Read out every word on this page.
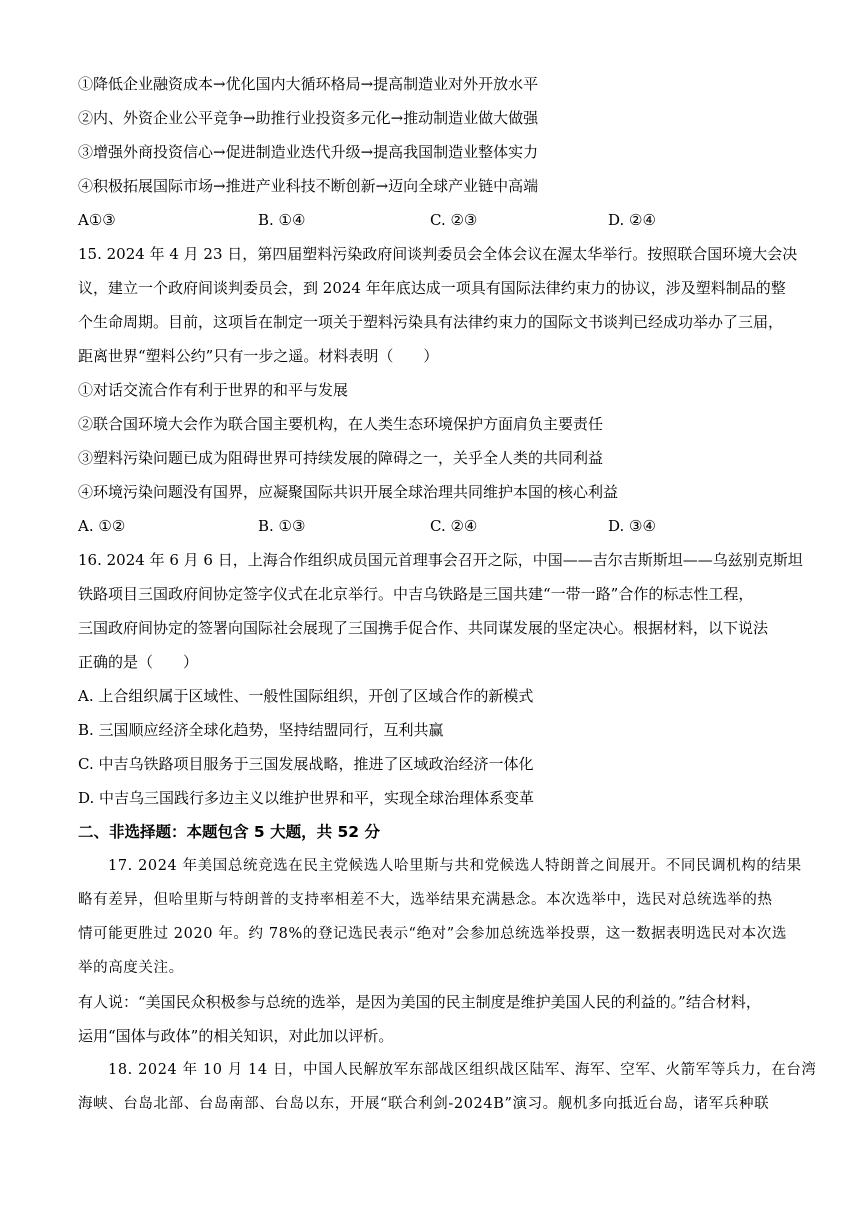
①降低企业融资成本→优化国内大循环格局→提高制造业对外开放水平
②内、外资企业公平竞争→助推行业投资多元化→推动制造业做大做强
③增强外商投资信心→促进制造业迭代升级→提高我国制造业整体实力
④积极拓展国际市场→推进产业科技不断创新→迈向全球产业链中高端
A①③	B. ①④	C. ②③	D. ②④
15. 2024 年 4 月 23 日，第四届塑料污染政府间谈判委员会全体会议在渥太华举行。按照联合国环境大会决
议，建立一个政府间谈判委员会，到 2024 年年底达成一项具有国际法律约束力的协议，涉及塑料制品的整
个生命周期。目前，这项旨在制定一项关于塑料污染具有法律约束力的国际文书谈判已经成功举办了三届，
距离世界“塑料公约”只有一步之遥。材料表明（　　）
①对话交流合作有利于世界的和平与发展
②联合国环境大会作为联合国主要机构，在人类生态环境保护方面肩负主要责任
③塑料污染问题已成为阻碍世界可持续发展的障碍之一，关乎全人类的共同利益
④环境污染问题没有国界，应凝聚国际共识开展全球治理共同维护本国的核心利益
A. ①②	B. ①③	C. ②④	D. ③④
16. 2024 年 6 月 6 日，上海合作组织成员国元首理事会召开之际，中国——吉尔吉斯斯坦——乌兹别克斯坦
铁路项目三国政府间协定签字仪式在北京举行。中吉乌铁路是三国共建“一带一路”合作的标志性工程，
三国政府间协定的签署向国际社会展现了三国携手促合作、共同谋发展的坚定决心。根据材料，以下说法
正确的是（　　）
A. 上合组织属于区域性、一般性国际组织，开创了区域合作的新模式
B. 三国顺应经济全球化趋势，坚持结盟同行，互利共赢
C. 中吉乌铁路项目服务于三国发展战略，推进了区域政治经济一体化
D. 中吉乌三国践行多边主义以维护世界和平，实现全球治理体系变革
二、非选择题：本题包含 5 大题，共 52 分
17. 2024 年美国总统竞选在民主党候选人哈里斯与共和党候选人特朗普之间展开。不同民调机构的结果
略有差异，但哈里斯与特朗普的支持率相差不大，选举结果充满悬念。本次选举中，选民对总统选举的热
情可能更胜过 2020 年。约 78%的登记选民表示“绝对”会参加总统选举投票，这一数据表明选民对本次选
举的高度关注。
有人说：“美国民众积极参与总统的选举，是因为美国的民主制度是维护美国人民的利益的。”结合材料，
运用“国体与政体”的相关知识，对此加以评析。
18. 2024 年 10 月 14 日，中国人民解放军东部战区组织战区陆军、海军、空军、火箭军等兵力，在台湾
海峡、台岛北部、台岛南部、台岛以东，开展“联合利剑-2024B”演习。舰机多向抵近台岛，诸军兵种联
